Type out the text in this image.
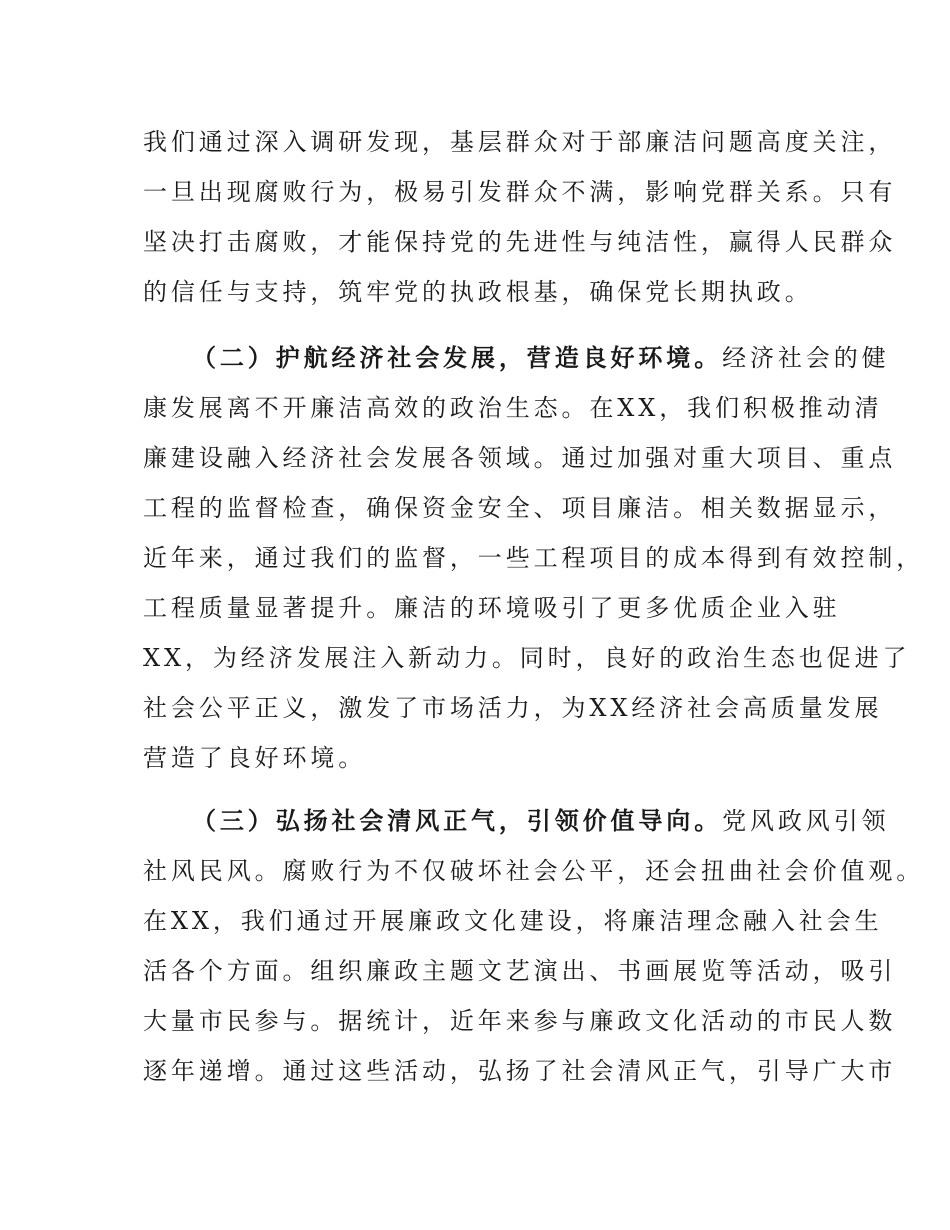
我们通过深入调研发现，基层群众对于部廉洁问题高度关注，
一旦出现腐败行为，极易引发群众不满，影响党群关系。只有
坚决打击腐败，才能保持党的先进性与纯洁性，赢得人民群众
的信任与支持，筑牢党的执政根基，确保党长期执政。
（二）护航经济社会发展，营造良好环境。经济社会的健
康发展离不开廉洁高效的政治生态。在XX，我们积极推动清
廉建设融入经济社会发展各领域。通过加强对重大项目、重点
工程的监督检查，确保资金安全、项目廉洁。相关数据显示，
近年来，通过我们的监督，一些工程项目的成本得到有效控制，
工程质量显著提升。廉洁的环境吸引了更多优质企业入驻
XX，为经济发展注入新动力。同时，良好的政治生态也促进了
社会公平正义，激发了市场活力，为XX经济社会高质量发展
营造了良好环境。
（三）弘扬社会清风正气，引领价值导向。党风政风引领
社风民风。腐败行为不仅破坏社会公平，还会扭曲社会价值观。
在XX，我们通过开展廉政文化建设，将廉洁理念融入社会生
活各个方面。组织廉政主题文艺演出、书画展览等活动，吸引
大量市民参与。据统计，近年来参与廉政文化活动的市民人数
逐年递增。通过这些活动，弘扬了社会清风正气，引导广大市
